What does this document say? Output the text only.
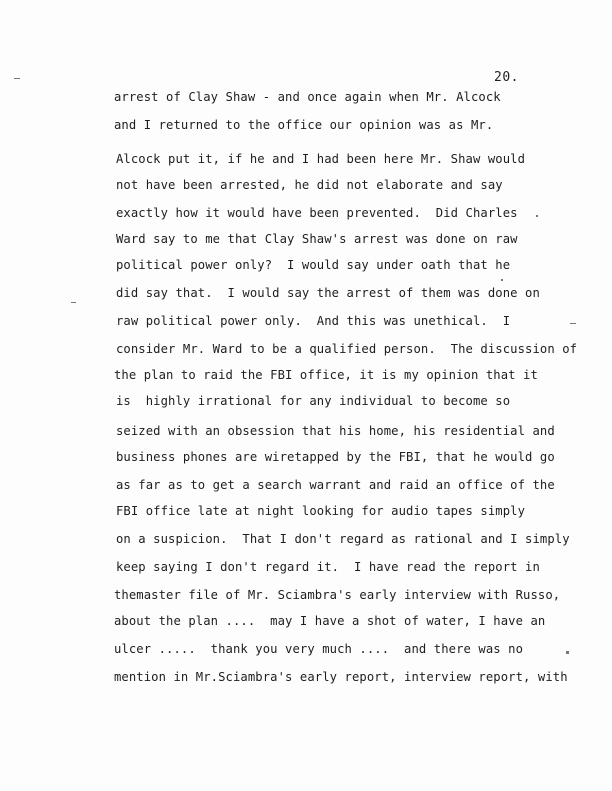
20.
arrest of Clay Shaw - and once again when Mr. Alcock
and I returned to the office our opinion was as Mr.
Alcock put it, if he and I had been here Mr. Shaw would
not have been arrested, he did not elaborate and say
exactly how it would have been prevented.  Did Charles
Ward say to me that Clay Shaw's arrest was done on raw
political power only?  I would say under oath that he
did say that.  I would say the arrest of them was done on
raw political power only.  And this was unethical.  I
consider Mr. Ward to be a qualified person.  The discussion of
the plan to raid the FBI office, it is my opinion that it
is  highly irrational for any individual to become so
seized with an obsession that his home, his residential and
business phones are wiretapped by the FBI, that he would go
as far as to get a search warrant and raid an office of the
FBI office late at night looking for audio tapes simply
on a suspicion.  That I don't regard as rational and I simply
keep saying I don't regard it.  I have read the report in
themaster file of Mr. Sciambra's early interview with Russo,
about the plan ....  may I have a shot of water, I have an
ulcer .....  thank you very much ....  and there was no
mention in Mr.Sciambra's early report, interview report, with
